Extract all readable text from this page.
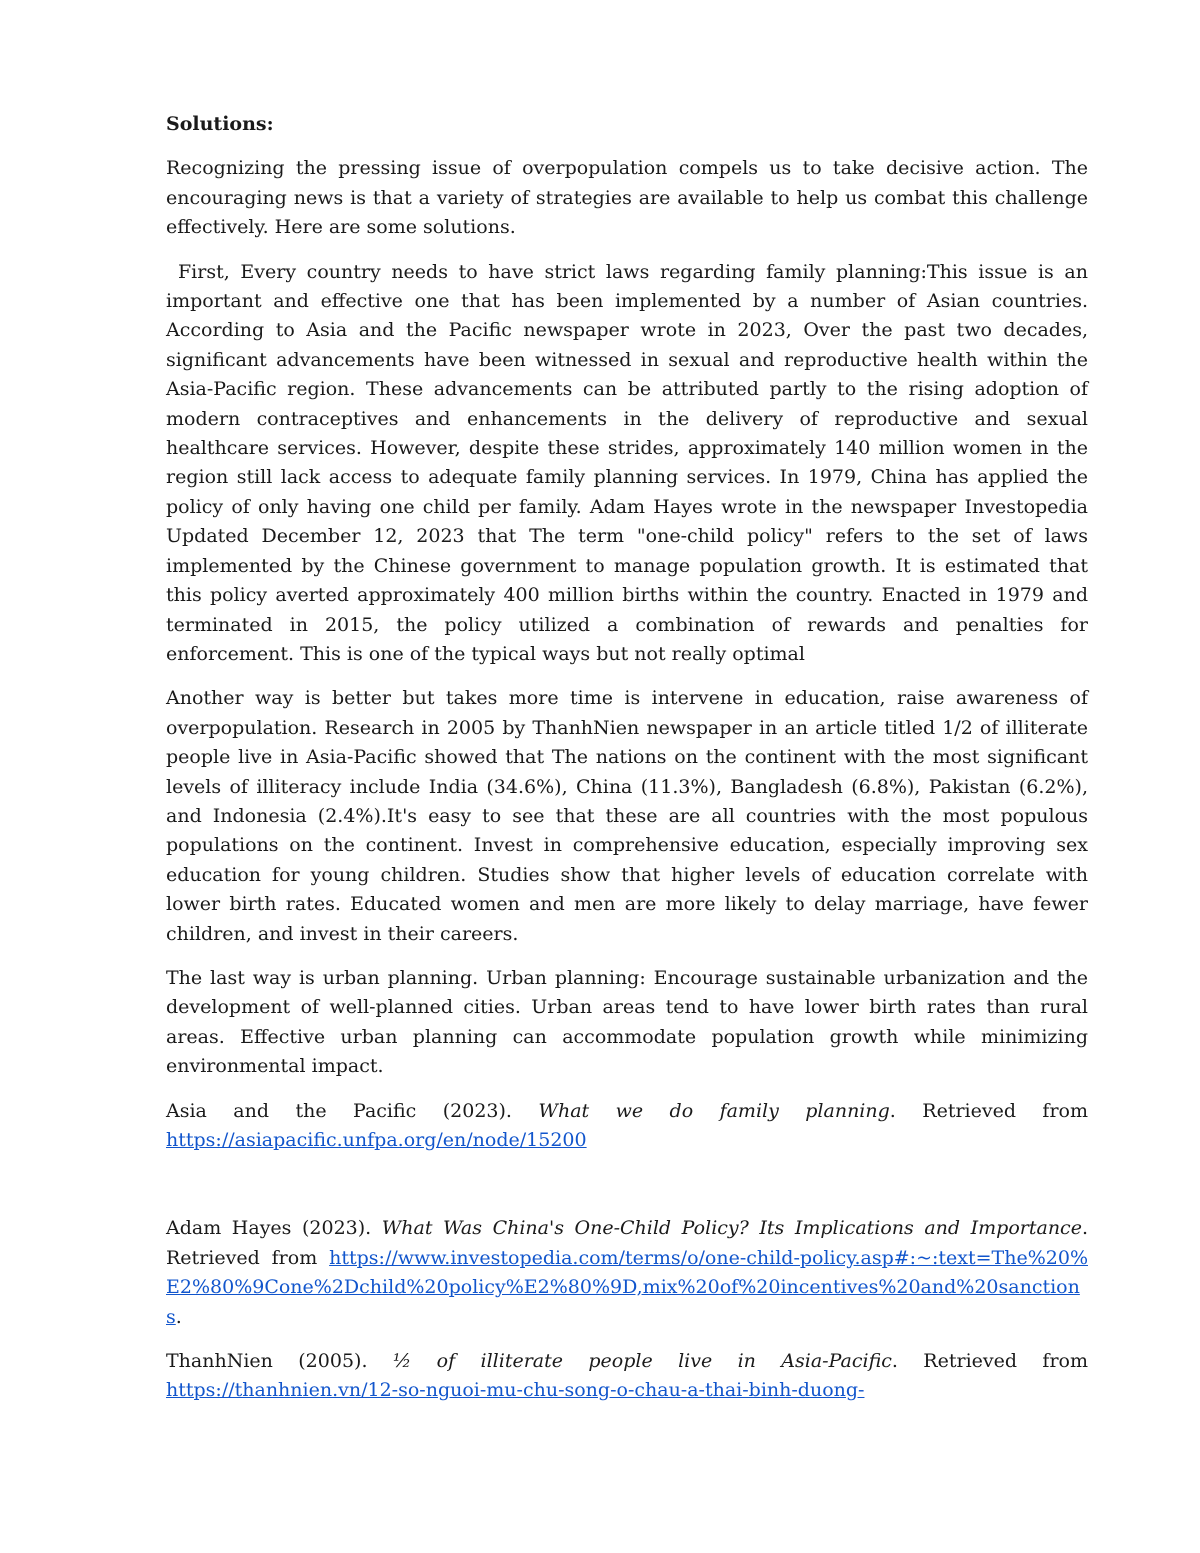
Solutions:

Recognizing the pressing issue of overpopulation compels us to take decisive action. The encouraging news is that a variety of strategies are available to help us combat this challenge effectively. Here are some solutions.

First, Every country needs to have strict laws regarding family planning:This issue is an important and effective one that has been implemented by a number of Asian countries. According to Asia and the Pacific newspaper wrote in 2023, Over the past two decades, significant advancements have been witnessed in sexual and reproductive health within the Asia-Pacific region. These advancements can be attributed partly to the rising adoption of modern contraceptives and enhancements in the delivery of reproductive and sexual healthcare services. However, despite these strides, approximately 140 million women in the region still lack access to adequate family planning services. In 1979, China has applied the policy of only having one child per family. Adam Hayes wrote in the newspaper Investopedia Updated December 12, 2023 that The term "one-child policy" refers to the set of laws implemented by the Chinese government to manage population growth. It is estimated that this policy averted approximately 400 million births within the country. Enacted in 1979 and terminated in 2015, the policy utilized a combination of rewards and penalties for enforcement. This is one of the typical ways but not really optimal

Another way is better but takes more time is intervene in education, raise awareness of overpopulation. Research in 2005 by ThanhNien newspaper in an article titled 1/2 of illiterate people live in Asia-Pacific showed that The nations on the continent with the most significant levels of illiteracy include India (34.6%), China (11.3%), Bangladesh (6.8%), Pakistan (6.2%), and Indonesia (2.4%).It's easy to see that these are all countries with the most populous populations on the continent. Invest in comprehensive education, especially improving sex education for young children. Studies show that higher levels of education correlate with lower birth rates. Educated women and men are more likely to delay marriage, have fewer children, and invest in their careers.

The last way is urban planning. Urban planning: Encourage sustainable urbanization and the development of well-planned cities. Urban areas tend to have lower birth rates than rural areas. Effective urban planning can accommodate population growth while minimizing environmental impact.

Asia and the Pacific (2023). What we do family planning. Retrieved from
https://asiapacific.unfpa.org/en/node/15200

Adam Hayes (2023). What Was China's One-Child Policy? Its Implications and Importance. Retrieved from https://www.investopedia.com/terms/o/one-child-policy.asp#:~:text=The%20%E2%80%9Cone%2Dchild%20policy%E2%80%9D,mix%20of%20incentives%20and%20sanctions.

ThanhNien (2005). ½ of illiterate people live in Asia-Pacific. Retrieved from
https://thanhnien.vn/12-so-nguoi-mu-chu-song-o-chau-a-thai-binh-duong-
